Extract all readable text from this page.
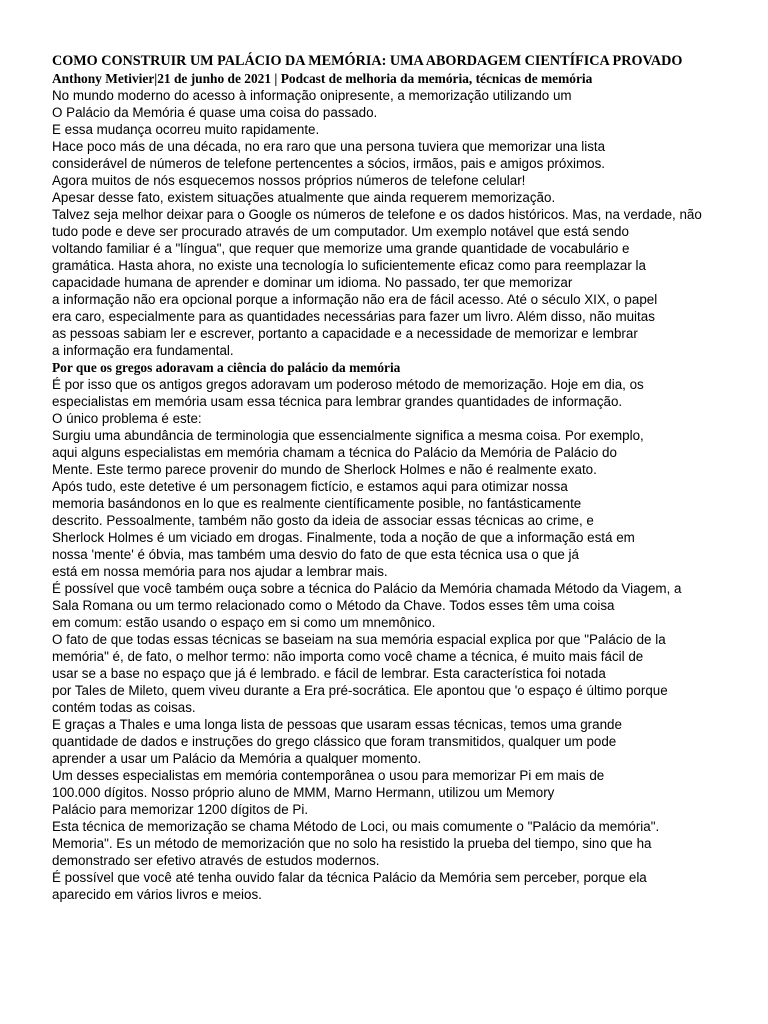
COMO CONSTRUIR UM PALÁCIO DA MEMÓRIA: UMA ABORDAGEM CIENTÍFICA PROVADO

Anthony Metivier|21 de junho de 2021 | Podcast de melhoria da memória, técnicas de memória

No mundo moderno do acesso à informação onipresente, a memorização utilizando um
O Palácio da Memória é quase uma coisa do passado.
E essa mudança ocorreu muito rapidamente.
Hace poco más de una década, no era raro que una persona tuviera que memorizar una lista
considerável de números de telefone pertencentes a sócios, irmãos, pais e amigos próximos.
Agora muitos de nós esquecemos nossos próprios números de telefone celular!
Apesar desse fato, existem situações atualmente que ainda requerem memorização.
Talvez seja melhor deixar para o Google os números de telefone e os dados históricos. Mas, na verdade, não
tudo pode e deve ser procurado através de um computador. Um exemplo notável que está sendo
voltando familiar é a "língua", que requer que memorize uma grande quantidade de vocabulário e
gramática. Hasta ahora, no existe una tecnología lo suficientemente eficaz como para reemplazar la
capacidade humana de aprender e dominar um idioma. No passado, ter que memorizar
a informação não era opcional porque a informação não era de fácil acesso. Até o século XIX, o papel
era caro, especialmente para as quantidades necessárias para fazer um livro. Além disso, não muitas
as pessoas sabiam ler e escrever, portanto a capacidade e a necessidade de memorizar e lembrar
a informação era fundamental.
Por que os gregos adoravam a ciência do palácio da memória
É por isso que os antigos gregos adoravam um poderoso método de memorização. Hoje em dia, os
especialistas em memória usam essa técnica para lembrar grandes quantidades de informação.
O único problema é este:
Surgiu uma abundância de terminologia que essencialmente significa a mesma coisa. Por exemplo,
aqui alguns especialistas em memória chamam a técnica do Palácio da Memória de Palácio do
Mente. Este termo parece provenir do mundo de Sherlock Holmes e não é realmente exato.
Após tudo, este detetive é um personagem fictício, e estamos aqui para otimizar nossa
memoria basándonos en lo que es realmente científicamente posible, no fantásticamente
descrito. Pessoalmente, também não gosto da ideia de associar essas técnicas ao crime, e
Sherlock Holmes é um viciado em drogas. Finalmente, toda a noção de que a informação está em
nossa 'mente' é óbvia, mas também uma desvio do fato de que esta técnica usa o que já
está em nossa memória para nos ajudar a lembrar mais.
É possível que você também ouça sobre a técnica do Palácio da Memória chamada Método da Viagem, a
Sala Romana ou um termo relacionado como o Método da Chave. Todos esses têm uma coisa
em comum: estão usando o espaço em si como um mnemônico.
O fato de que todas essas técnicas se baseiam na sua memória espacial explica por que "Palácio de la
memória" é, de fato, o melhor termo: não importa como você chame a técnica, é muito mais fácil de
usar se a base no espaço que já é lembrado. e fácil de lembrar. Esta característica foi notada
por Tales de Mileto, quem viveu durante a Era pré-socrática. Ele apontou que 'o espaço é último porque
contém todas as coisas.
E graças a Thales e uma longa lista de pessoas que usaram essas técnicas, temos uma grande
quantidade de dados e instruções do grego clássico que foram transmitidos, qualquer um pode
aprender a usar um Palácio da Memória a qualquer momento.
Um desses especialistas em memória contemporânea o usou para memorizar Pi em mais de
100.000 dígitos. Nosso próprio aluno de MMM, Marno Hermann, utilizou um Memory
Palácio para memorizar 1200 dígitos de Pi.
Esta técnica de memorização se chama Método de Loci, ou mais comumente o "Palácio da memória".
Memoria". Es un método de memorización que no solo ha resistido la prueba del tiempo, sino que ha
demonstrado ser efetivo através de estudos modernos.
É possível que você até tenha ouvido falar da técnica Palácio da Memória sem perceber, porque ela
aparecido em vários livros e meios.
